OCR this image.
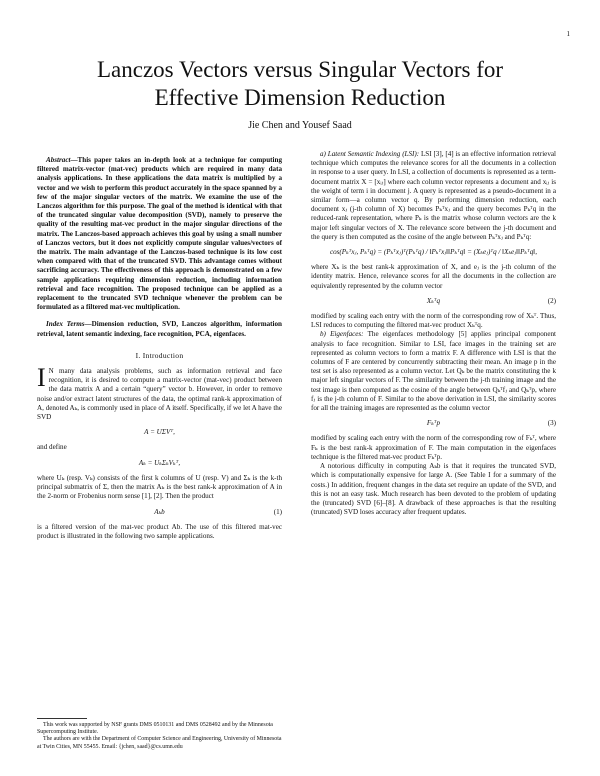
1
Lanczos Vectors versus Singular Vectors for
Effective Dimension Reduction
Jie Chen and Yousef Saad

Abstract—This paper takes an in-depth look at a technique for computing filtered matrix-vector (mat-vec) products which are required in many data analysis applications. In these applications the data matrix is multiplied by a vector and we wish to perform this product accurately in the space spanned by a few of the major singular vectors of the matrix. We examine the use of the Lanczos algorithm for this purpose. The goal of the method is identical with that of the truncated singular value decomposition (SVD), namely to preserve the quality of the resulting mat-vec product in the major singular directions of the matrix. The Lanczos-based approach achieves this goal by using a small number of Lanczos vectors, but it does not explicitly compute singular values/vectors of the matrix. The main advantage of the Lanczos-based technique is its low cost when compared with that of the truncated SVD. This advantage comes without sacrificing accuracy. The effectiveness of this approach is demonstrated on a few sample applications requiring dimension reduction, including information retrieval and face recognition. The proposed technique can be applied as a replacement to the truncated SVD technique whenever the problem can be formulated as a filtered mat-vec multiplication.

Index Terms—Dimension reduction, SVD, Lanczos algorithm, information retrieval, latent semantic indexing, face recognition, PCA, eigenfaces.

I. Introduction

I N many data analysis problems, such as information retrieval and face recognition, it is desired to compute a matrix-vector (mat-vec) product between the data matrix A and a certain “query” vector b. However, in order to remove noise and/or extract latent structures of the data, the optimal rank-k approximation of A, denoted Aₖ, is commonly used in place of A itself. Specifically, if we let A have the SVD

A = UΣVᵀ,

and define

Aₖ = UₖΣₖVₖᵀ,

where Uₖ (resp. Vₖ) consists of the first k columns of U (resp. V) and Σₖ is the k-th principal submatrix of Σ, then the matrix Aₖ is the best rank-k approximation of A in the 2-norm or Frobenius norm sense [1], [2]. Then the product

Aₖb	(1)

is a filtered version of the mat-vec product Ab. The use of this filtered mat-vec product is illustrated in the following two sample applications.

This work was supported by NSF grants DMS 0510131 and DMS 0528492 and by the Minnesota Supercomputing Institute.

The authors are with the Department of Computer Science and Engineering, University of Minnesota at Twin Cities, MN 55455. Email: {jchen, saad}@cs.umn.edu

a) Latent Semantic Indexing (LSI): LSI [3], [4] is an effective information retrieval technique which computes the relevance scores for all the documents in a collection in response to a user query. In LSI, a collection of documents is represented as a term-document matrix X = [xᵢⱼ] where each column vector represents a document and xᵢⱼ is the weight of term i in document j. A query is represented as a pseudo-document in a similar form—a column vector q. By performing dimension reduction, each document xⱼ (j-th column of X) becomes Pₖᵀxⱼ and the query becomes Pₖᵀq in the reduced-rank representation, where Pₖ is the matrix whose column vectors are the k major left singular vectors of X. The relevance score between the j-th document and the query is then computed as the cosine of the angle between Pₖᵀxⱼ and Pₖᵀq:

cos(Pₖᵀxⱼ, Pₖᵀq) = (Pₖᵀxⱼ)ᵀ(Pₖᵀq) / ‖Pₖᵀxⱼ‖‖Pₖᵀq‖ = (Xₖeⱼ)ᵀq / ‖Xₖeⱼ‖‖Pₖᵀq‖,

where Xₖ is the best rank-k approximation of X, and eⱼ is the j-th column of the identity matrix. Hence, relevance scores for all the documents in the collection are equivalently represented by the column vector

Xₖᵀq	(2)

modified by scaling each entry with the norm of the corresponding row of Xₖᵀ. Thus, LSI reduces to computing the filtered mat-vec product Xₖᵀq.

b) Eigenfaces: The eigenfaces methodology [5] applies principal component analysis to face recognition. Similar to LSI, face images in the training set are represented as column vectors to form a matrix F. A difference with LSI is that the columns of F are centered by concurrently subtracting their mean. An image p in the test set is also represented as a column vector. Let Qₖ be the matrix constituting the k major left singular vectors of F. The similarity between the j-th training image and the test image is then computed as the cosine of the angle between Qₖᵀfⱼ and Qₖᵀp, where fⱼ is the j-th column of F. Similar to the above derivation in LSI, the similarity scores for all the training images are represented as the column vector

Fₖᵀp	(3)

modified by scaling each entry with the norm of the corresponding row of Fₖᵀ, where Fₖ is the best rank-k approximation of F. The main computation in the eigenfaces technique is the filtered mat-vec product Fₖᵀp.

A notorious difficulty in computing Aₖb is that it requires the truncated SVD, which is computationally expensive for large A. (See Table I for a summary of the costs.) In addition, frequent changes in the data set require an update of the SVD, and this is not an easy task. Much research has been devoted to the problem of updating the (truncated) SVD [6]–[8]. A drawback of these approaches is that the resulting (truncated) SVD loses accuracy after frequent updates.
